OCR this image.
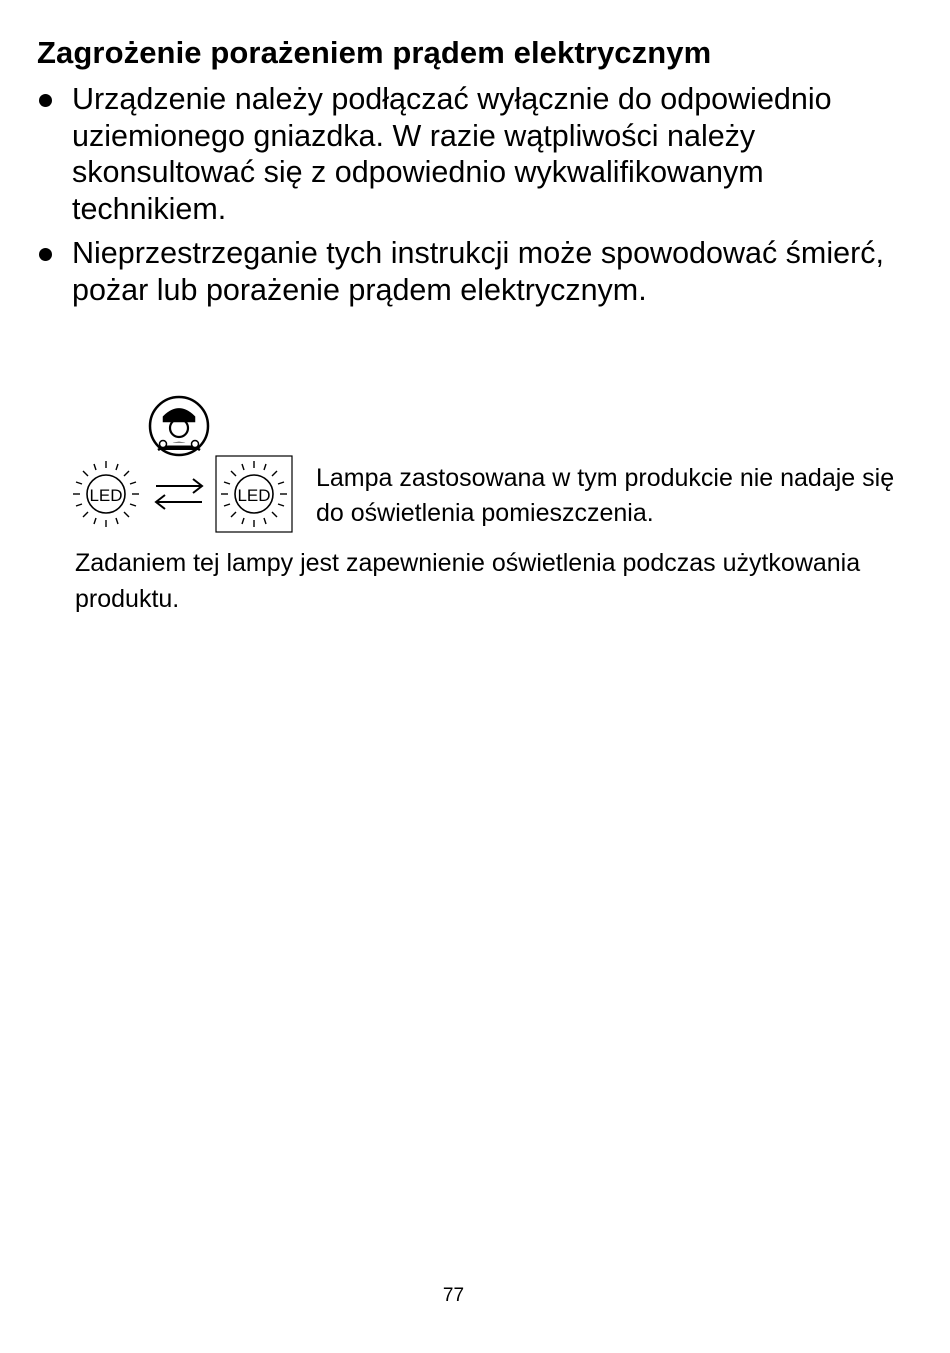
Zagrożenie porażeniem prądem elektrycznym
Urządzenie należy podłączać wyłącznie do odpowiednio uziemionego gniazdka. W razie wątpliwości należy skonsultować się z odpowiednio wykwalifikowanym technikiem.
Nieprzestrzeganie tych instrukcji może spowodować śmierć, pożar lub porażenie prądem elektrycznym.
LED	LED
Lampa zastosowana w tym produkcie nie nadaje się do oświetlenia pomieszczenia.
Zadaniem tej lampy jest zapewnienie oświetlenia podczas użytkowania produktu.
77
